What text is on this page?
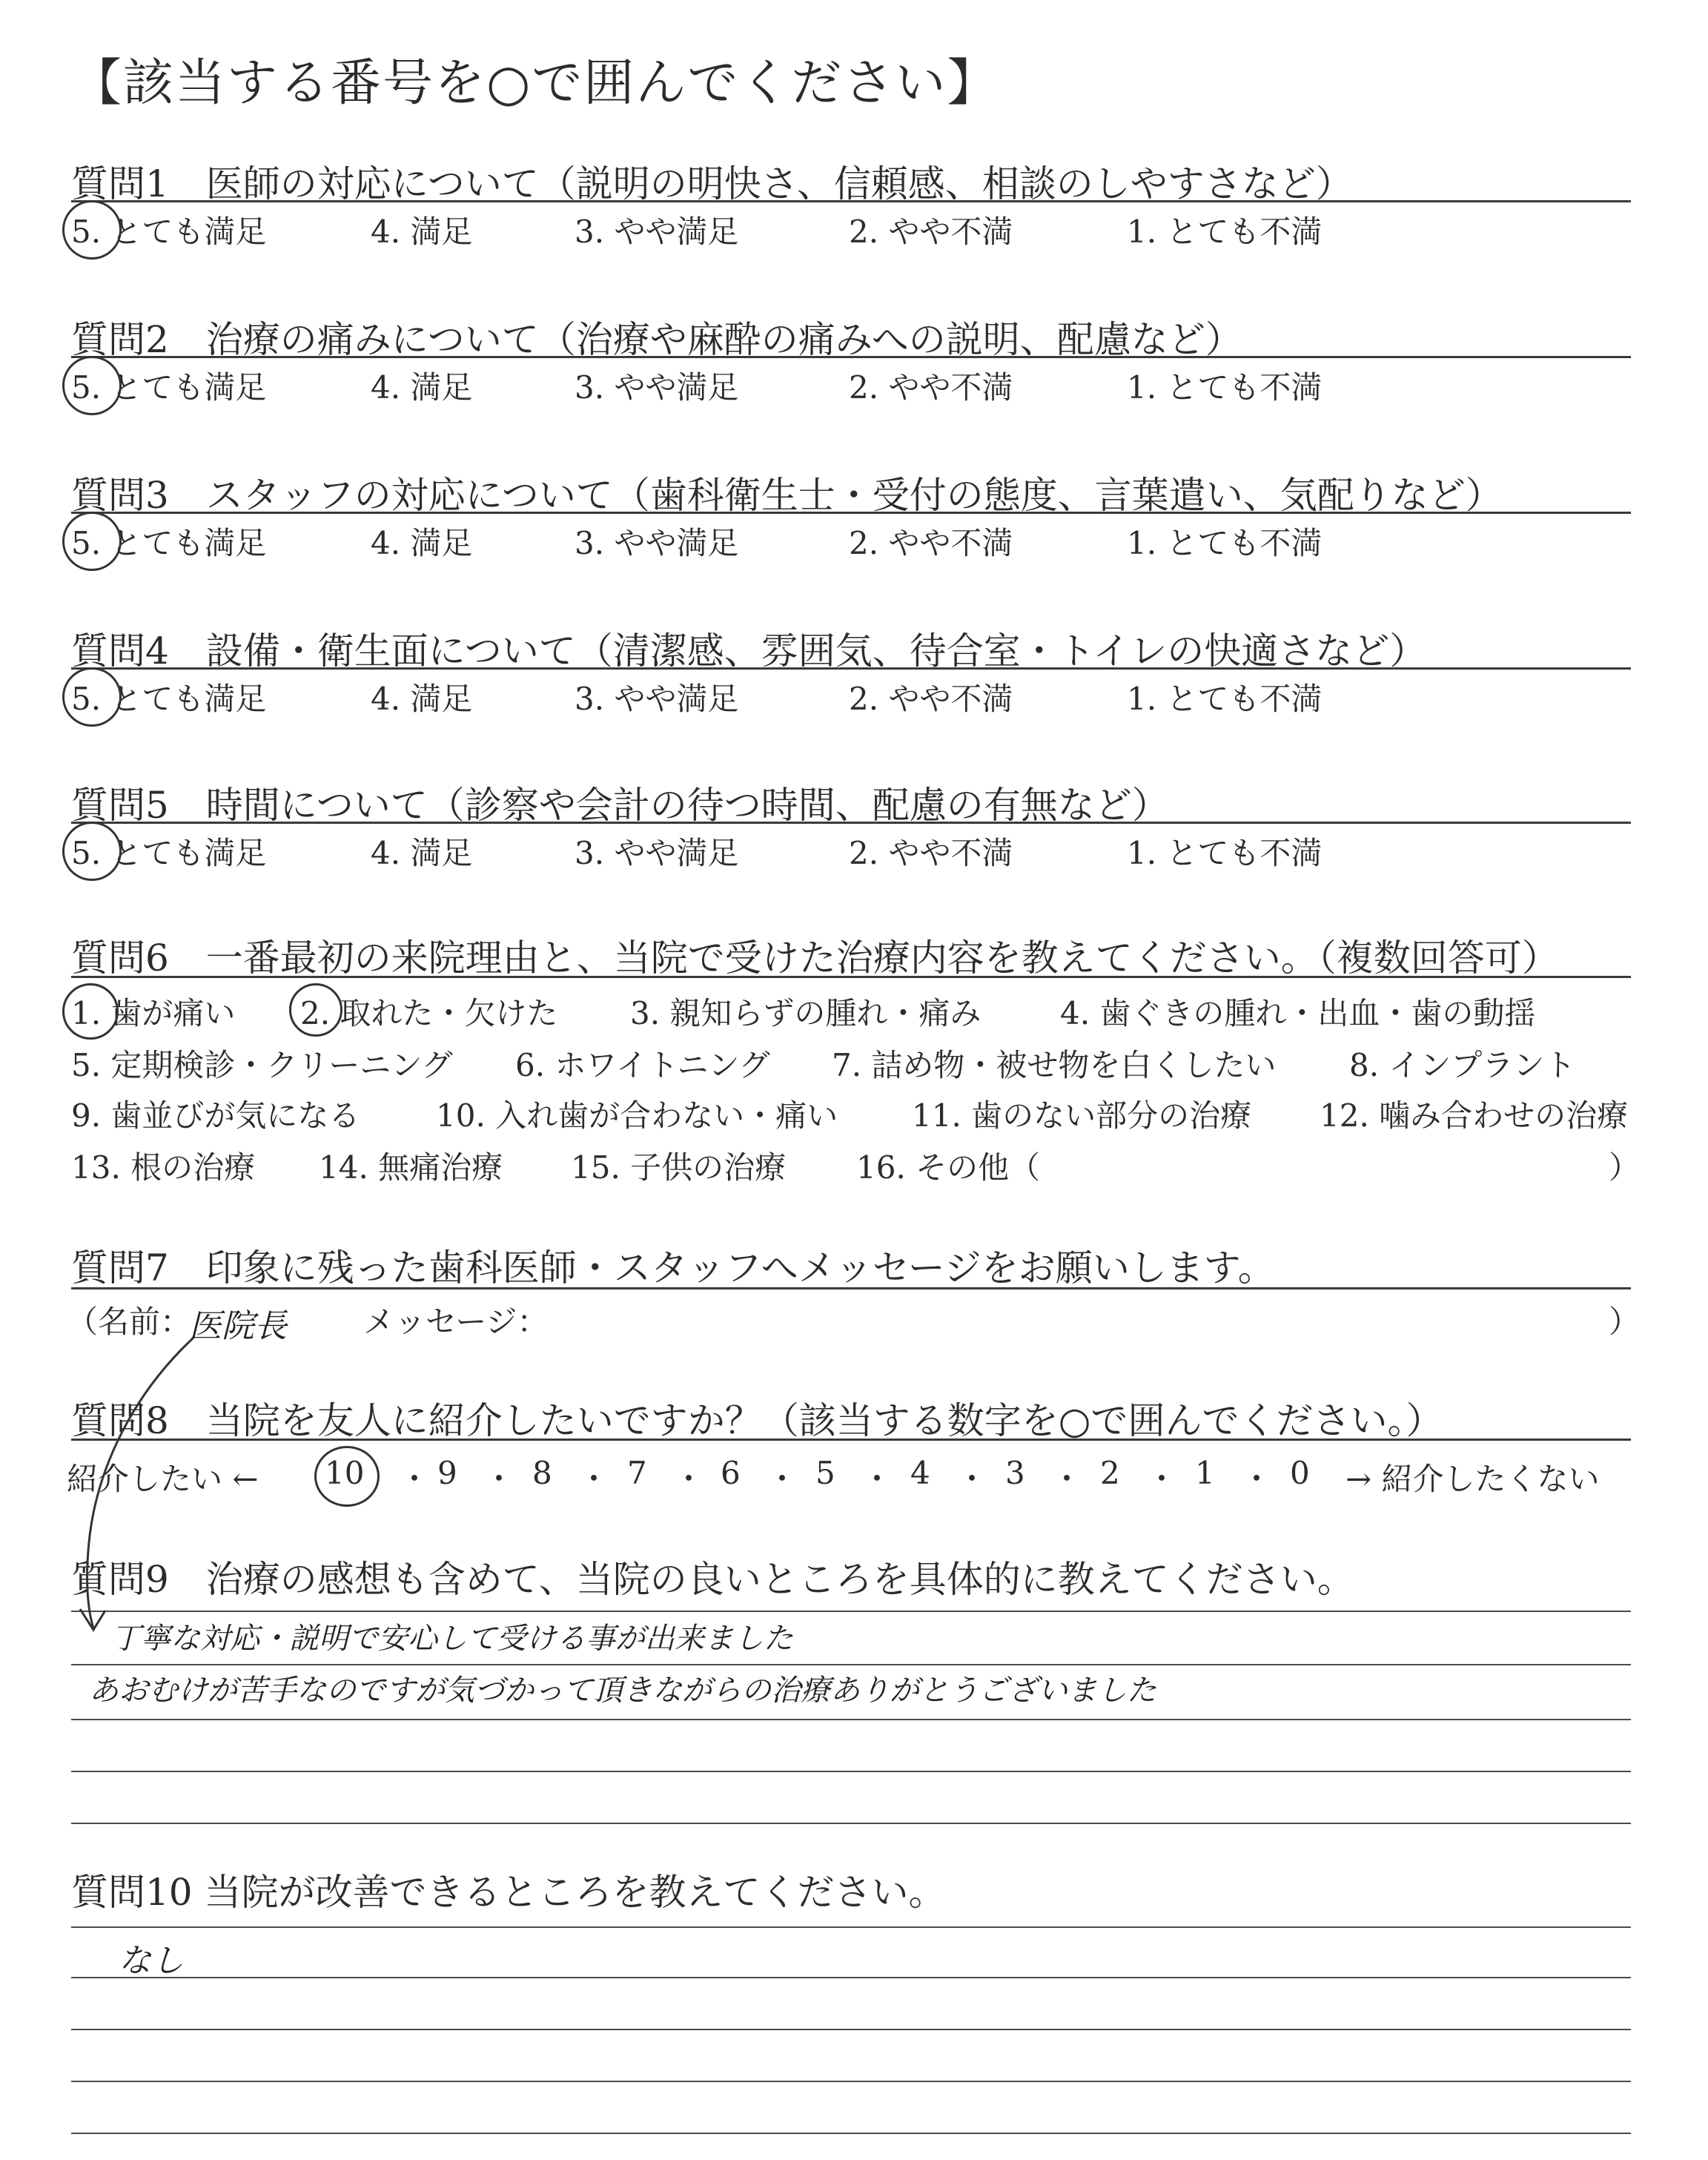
【該当する番号を○で囲んでください】
質問1　医師の対応について（説明の明快さ、信頼感、相談のしやすさなど）
5. とても満足	4. 満足	3. やや満足	2. やや不満	1. とても不満
質問2　治療の痛みについて（治療や麻酔の痛みへの説明、配慮など）
5. とても満足	4. 満足	3. やや満足	2. やや不満	1. とても不満
質問3　スタッフの対応について（歯科衛生士・受付の態度、言葉遣い、気配りなど）
5. とても満足	4. 満足	3. やや満足	2. やや不満	1. とても不満
質問4　設備・衛生面について（清潔感、雰囲気、待合室・トイレの快適さなど）
5. とても満足	4. 満足	3. やや満足	2. やや不満	1. とても不満
質問5　時間について（診察や会計の待つ時間、配慮の有無など）
5. とても満足	4. 満足	3. やや満足	2. やや不満	1. とても不満
質問6　一番最初の来院理由と、当院で受けた治療内容を教えてください。（複数回答可）
1. 歯が痛い 2. 取れた・欠けた 3. 親知らずの腫れ・痛み	4. 歯ぐきの腫れ・出血・歯の動揺
5. 定期検診・クリーニング 6. ホワイトニング 7. 詰め物・被せ物を白くしたい 8. インプラント
9. 歯並びが気になる 10. 入れ歯が合わない・痛い 11. 歯のない部分の治療 12. 噛み合わせの治療
13. 根の治療 14. 無痛治療 15. 子供の治療 16. その他（	）
質問7　印象に残った歯科医師・スタッフへメッセージをお願いします。
（名前：
医院長 メッセージ：	）
質問8　当院を友人に紹介したいですか？（該当する数字を○で囲んでください。）
紹介したい ← 10 ・ 9 ・ 8 ・ 7 ・ 6 ・ 5 ・ 4 ・ 3 ・ 2 ・ 1 ・ 0 → 紹介したくない
質問9　治療の感想も含めて、当院の良いところを具体的に教えてください。
丁寧な対応・説明で安心して受ける事が出来ました
あおむけが苦手なのですが気づかって頂きながらの治療ありがとうございました
質問10 当院が改善できるところを教えてください。
なし
